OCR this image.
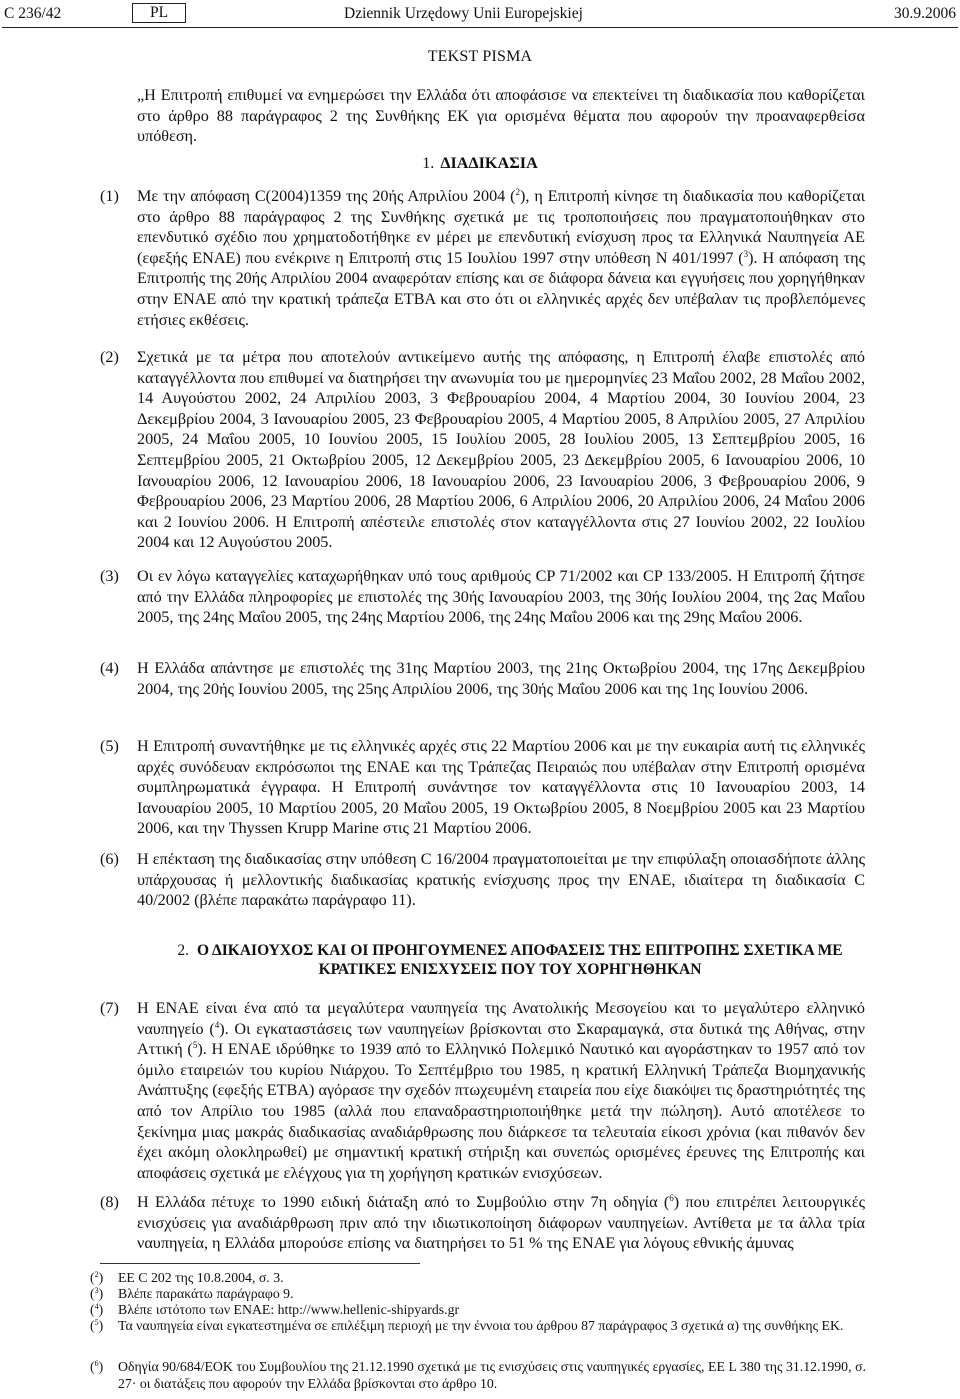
C 236/42	PL	Dziennik Urzędowy Unii Europejskiej	30.9.2006
TEKST PISMA
„Η Επιτροπή επιθυμεί να ενημερώσει την Ελλάδα ότι αποφάσισε να επεκτείνει τη διαδικασία που καθορίζεται στο άρθρο 88 παράγραφος 2 της Συνθήκης ΕΚ για ορισμένα θέματα που αφορούν την προαναφερθείσα υπόθεση.
1. ΔΙΑΔΙΚΑΣΙΑ
(1) Με την απόφαση C(2004)1359 της 20ής Απριλίου 2004 ($^2$), η Επιτροπή κίνησε τη διαδικασία που καθορίζεται στο άρθρο 88 παράγραφος 2 της Συνθήκης σχετικά με τις τροποποιήσεις που πραγματοποιήθηκαν στο επενδυτικό σχέδιο που χρηματοδοτήθηκε εν μέρει με επενδυτική ενίσχυση προς τα Ελληνικά Ναυπηγεία ΑΕ (εφεξής ΕΝΑΕ) που ενέκρινε η Επιτροπή στις 15 Ιουλίου 1997 στην υπόθεση Ν 401/1997 ($^3$). Η απόφαση της Επιτροπής της 20ής Απριλίου 2004 αναφερόταν επίσης και σε διάφορα δάνεια και εγγυήσεις που χορηγήθηκαν στην ΕΝΑΕ από την κρατική τράπεζα ΕΤΒΑ και στο ότι οι ελληνικές αρχές δεν υπέβαλαν τις προβλεπόμενες ετήσιες εκθέσεις.
(2) Σχετικά με τα μέτρα που αποτελούν αντικείμενο αυτής της απόφασης, η Επιτροπή έλαβε επιστολές από καταγγέλλοντα που επιθυμεί να διατηρήσει την ανωνυμία του με ημερομηνίες 23 Μαΐου 2002, 28 Μαΐου 2002, 14 Αυγούστου 2002, 24 Απριλίου 2003, 3 Φεβρουαρίου 2004, 4 Μαρτίου 2004, 30 Ιουνίου 2004, 23 Δεκεμβρίου 2004, 3 Ιανουαρίου 2005, 23 Φεβρουαρίου 2005, 4 Μαρτίου 2005, 8 Απριλίου 2005, 27 Απριλίου 2005, 24 Μαΐου 2005, 10 Ιουνίου 2005, 15 Ιουλίου 2005, 28 Ιουλίου 2005, 13 Σεπτεμβρίου 2005, 16 Σεπτεμβρίου 2005, 21 Οκτωβρίου 2005, 12 Δεκεμβρίου 2005, 23 Δεκεμβρίου 2005, 6 Ιανουαρίου 2006, 10 Ιανουαρίου 2006, 12 Ιανουαρίου 2006, 18 Ιανουαρίου 2006, 23 Ιανουαρίου 2006, 3 Φεβρουαρίου 2006, 9 Φεβρουαρίου 2006, 23 Μαρτίου 2006, 28 Μαρτίου 2006, 6 Απριλίου 2006, 20 Απριλίου 2006, 24 Μαΐου 2006 και 2 Ιουνίου 2006. Η Επιτροπή απέστειλε επιστολές στον καταγγέλλοντα στις 27 Ιουνίου 2002, 22 Ιουλίου 2004 και 12 Αυγούστου 2005.
(3) Οι εν λόγω καταγγελίες καταχωρήθηκαν υπό τους αριθμούς CP 71/2002 και CP 133/2005. Η Επιτροπή ζήτησε από την Ελλάδα πληροφορίες με επιστολές της 30ής Ιανουαρίου 2003, της 30ής Ιουλίου 2004, της 2ας Μαΐου 2005, της 24ης Μαΐου 2005, της 24ης Μαρτίου 2006, της 24ης Μαΐου 2006 και της 29ης Μαΐου 2006.
(4) Η Ελλάδα απάντησε με επιστολές της 31ης Μαρτίου 2003, της 21ης Οκτωβρίου 2004, της 17ης Δεκεμβρίου 2004, της 20ής Ιουνίου 2005, της 25ης Απριλίου 2006, της 30ής Μαΐου 2006 και της 1ης Ιουνίου 2006.
(5) Η Επιτροπή συναντήθηκε με τις ελληνικές αρχές στις 22 Μαρτίου 2006 και με την ευκαιρία αυτή τις ελληνικές αρχές συνόδευαν εκπρόσωποι της ΕΝΑΕ και της Τράπεζας Πειραιώς που υπέβαλαν στην Επιτροπή ορισμένα συμπληρωματικά έγγραφα. Η Επιτροπή συνάντησε τον καταγγέλλοντα στις 10 Ιανουαρίου 2003, 14 Ιανουαρίου 2005, 10 Μαρτίου 2005, 20 Μαΐου 2005, 19 Οκτωβρίου 2005, 8 Νοεμβρίου 2005 και 23 Μαρτίου 2006, και την Thyssen Krupp Marine στις 21 Μαρτίου 2006.
(6) Η επέκταση της διαδικασίας στην υπόθεση C 16/2004 πραγματοποιείται με την επιφύλαξη οποιασδήποτε άλλης υπάρχουσας ή μελλοντικής διαδικασίας κρατικής ενίσχυσης προς την ΕΝΑΕ, ιδιαίτερα τη διαδικασία C 40/2002 (βλέπε παρακάτω παράγραφο 11).
2. Ο ΔΙΚΑΙΟΥΧΟΣ ΚΑΙ ΟΙ ΠΡΟΗΓΟΥΜΕΝΕΣ ΑΠΟΦΑΣΕΙΣ ΤΗΣ ΕΠΙΤΡΟΠΗΣ ΣΧΕΤΙΚΑ ΜΕ ΚΡΑΤΙΚΕΣ ΕΝΙΣΧΥΣΕΙΣ ΠΟΥ ΤΟΥ ΧΟΡΗΓΗΘΗΚΑΝ
(7) Η ΕΝΑΕ είναι ένα από τα μεγαλύτερα ναυπηγεία της Ανατολικής Μεσογείου και το μεγαλύτερο ελληνικό ναυπηγείο ($^4$). Οι εγκαταστάσεις των ναυπηγείων βρίσκονται στο Σκαραμαγκά, στα δυτικά της Αθήνας, στην Αττική ($^5$). Η ΕΝΑΕ ιδρύθηκε το 1939 από το Ελληνικό Πολεμικό Ναυτικό και αγοράστηκαν το 1957 από τον όμιλο εταιρειών του κυρίου Νιάρχου. Το Σεπτέμβριο του 1985, η κρατική Ελληνική Τράπεζα Βιομηχανικής Ανάπτυξης (εφεξής ΕΤΒΑ) αγόρασε την σχεδόν πτωχευμένη εταιρεία που είχε διακόψει τις δραστηριότητές της από τον Απρίλιο του 1985 (αλλά που επαναδραστηριοποιήθηκε μετά την πώληση). Αυτό αποτέλεσε το ξεκίνημα μιας μακράς διαδικασίας αναδιάρθρωσης που διάρκεσε τα τελευταία είκοσι χρόνια (και πιθανόν δεν έχει ακόμη ολοκληρωθεί) με σημαντική κρατική στήριξη και συνεπώς ορισμένες έρευνες της Επιτροπής και αποφάσεις σχετικά με ελέγχους για τη χορήγηση κρατικών ενισχύσεων.
(8) Η Ελλάδα πέτυχε το 1990 ειδική διάταξη από το Συμβούλιο στην 7η οδηγία ($^6$) που επιτρέπει λειτουργικές ενισχύσεις για αναδιάρθρωση πριν από την ιδιωτικοποίηση διάφορων ναυπηγείων. Αντίθετα με τα άλλα τρία ναυπηγεία, η Ελλάδα μπορούσε επίσης να διατηρήσει το 51 % της ΕΝΑΕ για λόγους εθνικής άμυνας
($^2$) ΕΕ C 202 της 10.8.2004, σ. 3.
($^3$) Βλέπε παρακάτω παράγραφο 9.
($^4$) Βλέπε ιστότοπο των ΕΝΑΕ: http://www.hellenic-shipyards.gr
($^5$) Τα ναυπηγεία είναι εγκατεστημένα σε επιλέξιμη περιοχή με την έννοια του άρθρου 87 παράγραφος 3 σχετικά α) της συνθήκης ΕΚ.
($^6$) Οδηγία 90/684/ΕΟΚ του Συμβουλίου της 21.12.1990 σχετικά με τις ενισχύσεις στις ναυπηγικές εργασίες, ΕΕ L 380 της 31.12.1990, σ. 27· οι διατάξεις που αφορούν την Ελλάδα βρίσκονται στο άρθρο 10.
